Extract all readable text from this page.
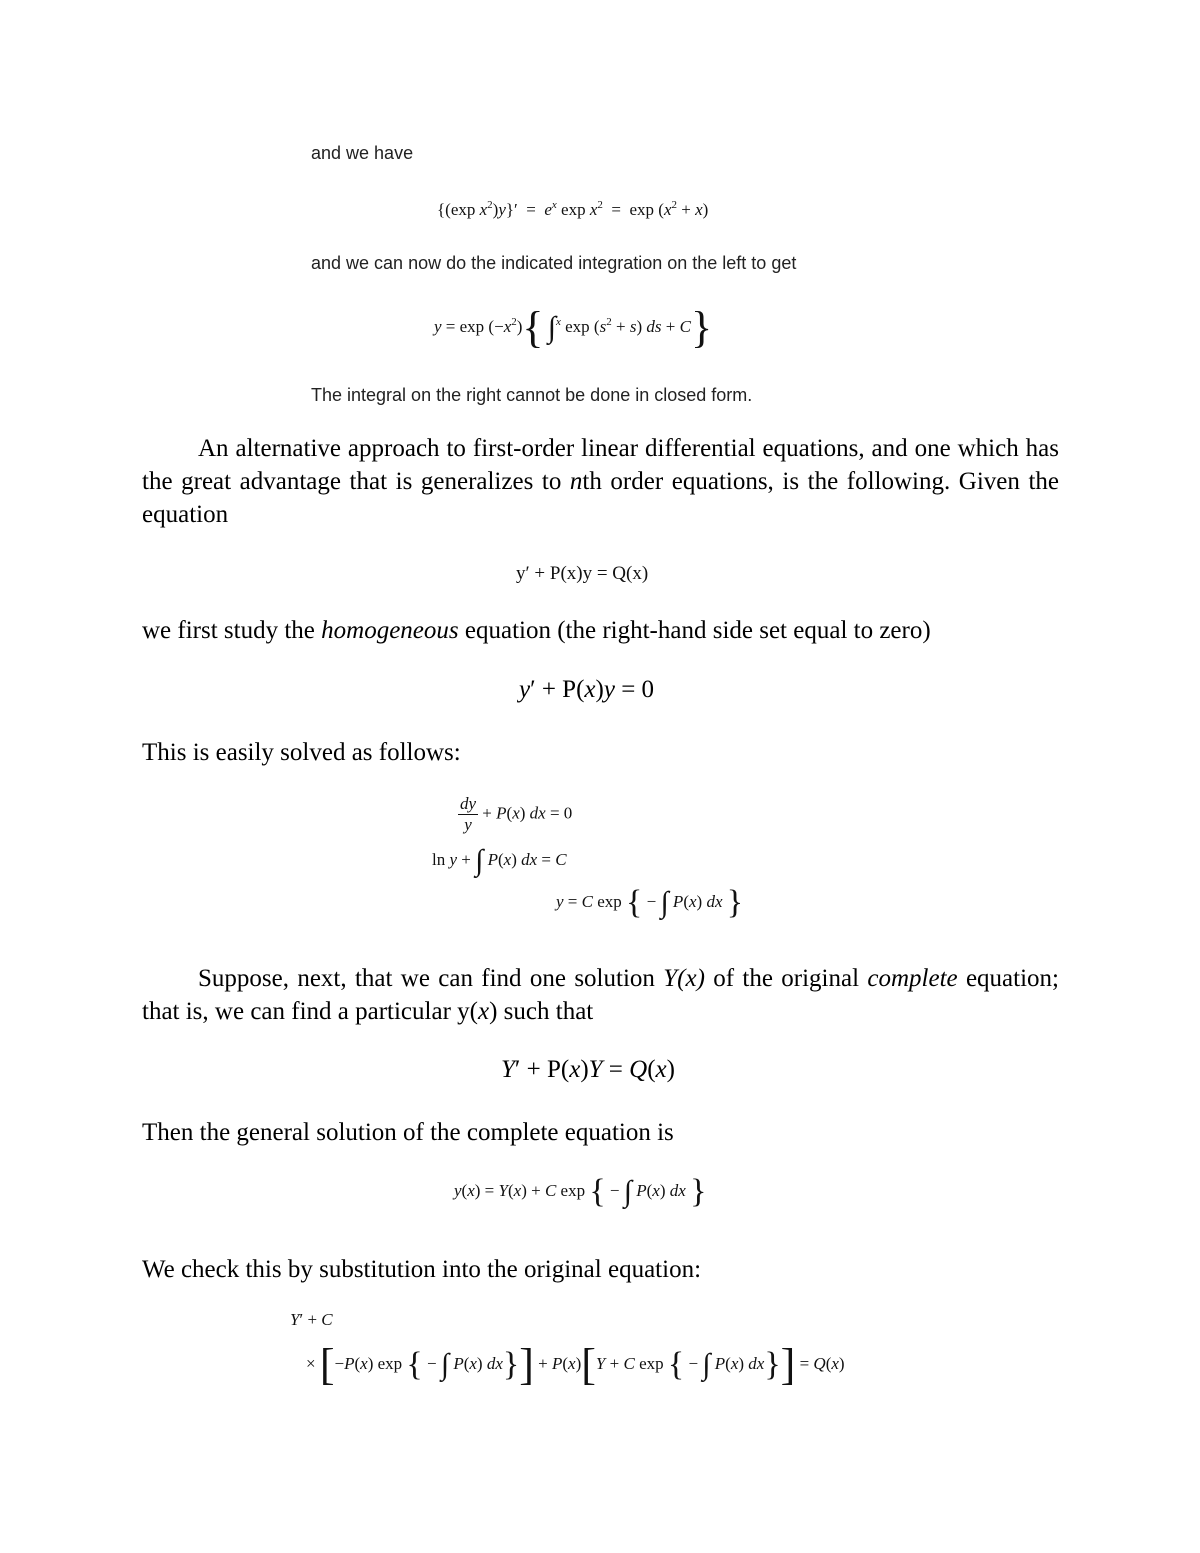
and we have
{(exp $x^2)y\}' = e^x$ $\exp x^2 = \exp (x^2 + x)$
and we can now do the indicated integration on the left to get
$y = \exp (-x^2)${ ∫$^x$ $\exp (s^2 + s)$ ds + C}
The integral on the right cannot be done in closed form.
An alternative approach to first-order linear differential equations, and one which has the great advantage that is generalizes to nth order equations, is the following. Given the equation
y′ + P(x)y = Q(x)
we first study the homogeneous equation (the right-hand side set equal to zero)
y′ + P(x)y = 0
This is easily solved as follows:
$\frac{dy}{y} + P(x)$ dx = 0
ln y + ∫ P(x) dx = C
y = C exp { − ∫ P(x) dx }
Suppose, next, that we can find one solution Y(x) of the original complete equation; that is, we can find a particular y(x) such that
Y′ + P(x)Y = Q(x)
Then the general solution of the complete equation is
y(x) = Y(x) + C exp { − ∫ P(x) dx }
We check this by substitution into the original equation:
Y′ + C
× [−P(x) exp { − ∫ P(x) dx}] + P(x)[Y + C exp { − ∫ P(x) dx}] = Q(x)
